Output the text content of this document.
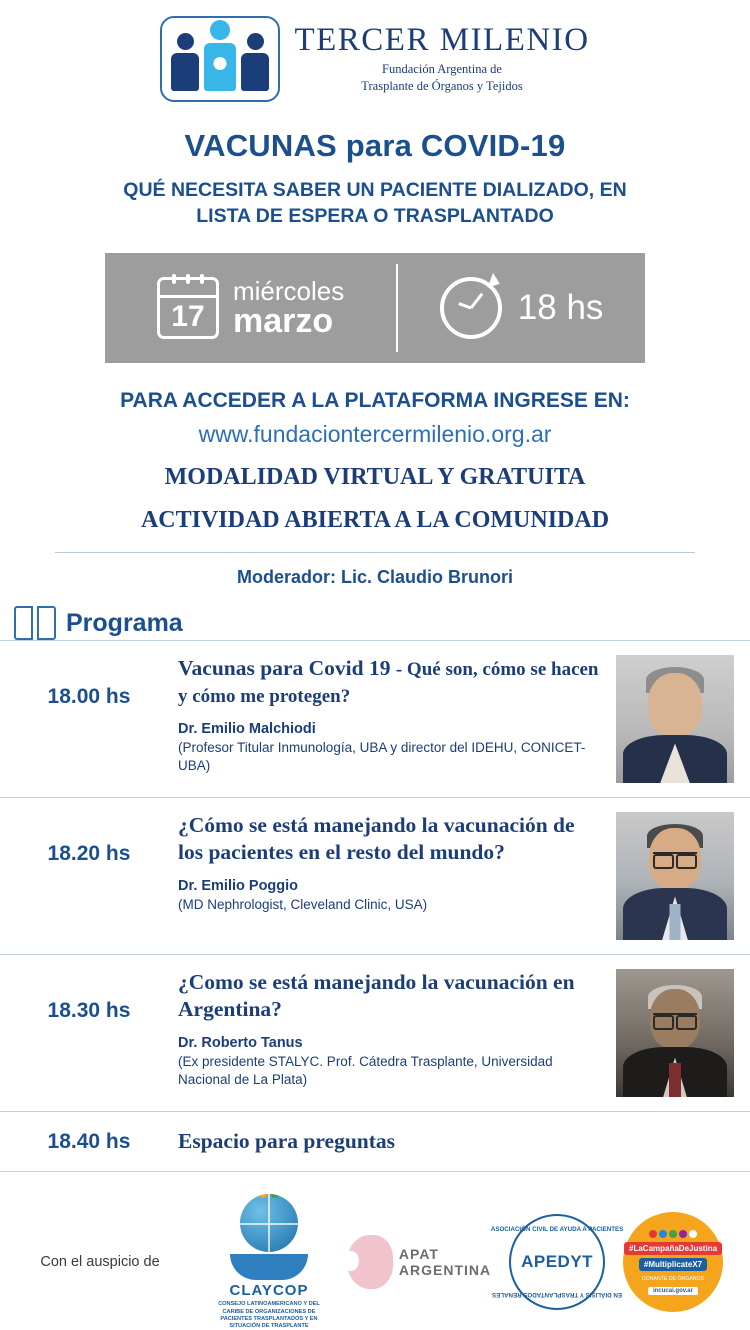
TERCER MILENIO
Fundación Argentina de
Trasplante de Órganos y Tejidos
VACUNAS para COVID-19
QUÉ NECESITA SABER UN PACIENTE DIALIZADO, EN
LISTA DE ESPERA O TRASPLANTADO
17
miércoles
marzo	18 hs
PARA ACCEDER A LA PLATAFORMA INGRESE EN:
www.fundaciontercermilenio.org.ar
MODALIDAD VIRTUAL Y GRATUITA
ACTIVIDAD ABIERTA A LA COMUNIDAD
Moderador: Lic. Claudio Brunori
Programa
18.00 hs
Vacunas para Covid 19 - Qué son, cómo se hacen y cómo me protegen?
Dr. Emilio Malchiodi
(Profesor Titular Inmunología, UBA y director del IDEHU, CONICET-UBA)
18.20 hs
¿Cómo se está manejando la vacunación de los pacientes en el resto del mundo?
Dr. Emilio Poggio
(MD Nephrologist, Cleveland Clinic, USA)
18.30 hs
¿Como se está manejando la vacunación en Argentina?
Dr. Roberto Tanus
(Ex presidente STALYC. Prof. Cátedra Trasplante, Universidad Nacional de La Plata)
18.40 hs	Espacio para preguntas
Con el auspicio de
CLAYCOP
CONSEJO LATINOAMERICANO Y DEL CARIBE DE ORGANIZACIONES DE PACIENTES TRASPLANTADOS Y EN SITUACIÓN DE TRASPLANTE
APAT
ARGENTINA
ASOCIACIÓN CIVIL DE AYUDA A PACIENTES
EN DIÁLISIS Y TRASPLANTADOS RENALES
APEDYT
#LaCampañaDeJustina
#MultiplicateX7
DONANTE DE ÓRGANOS
incucai.gov.ar
